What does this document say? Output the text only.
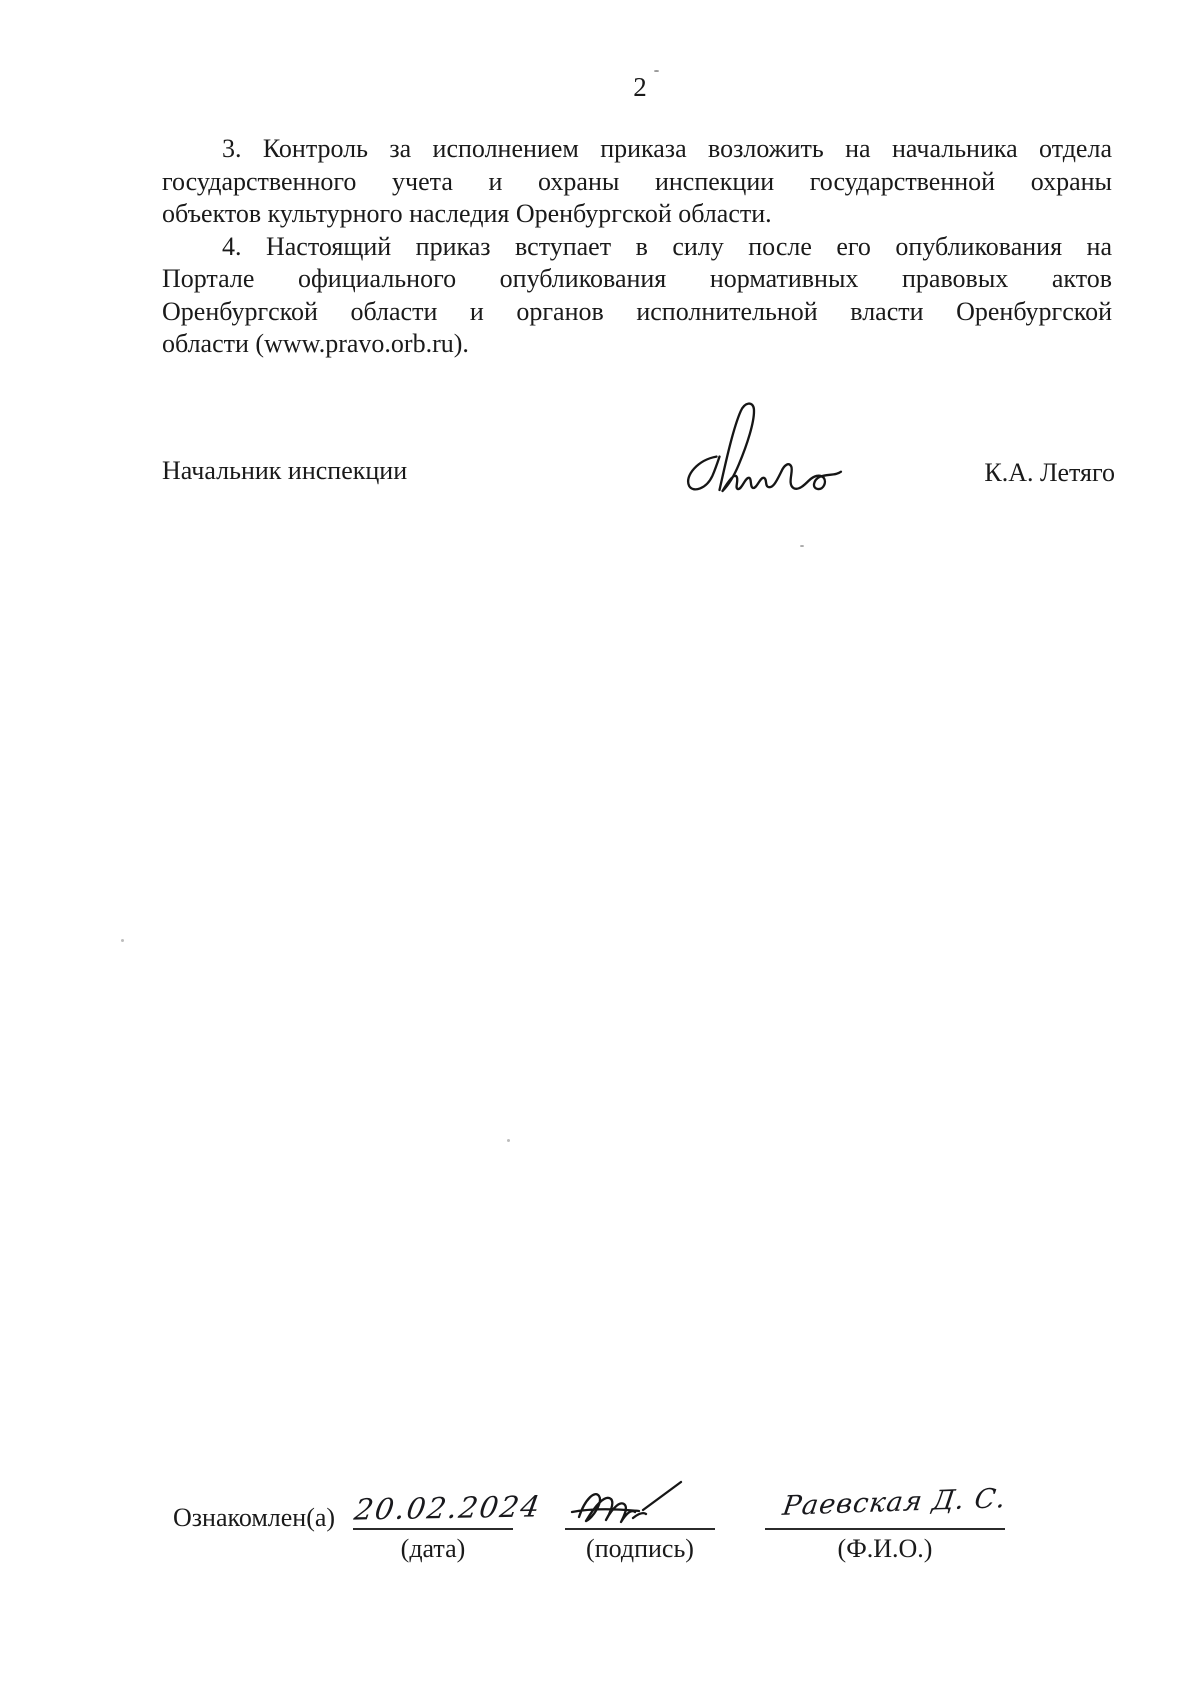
2
3. Контроль за исполнением приказа возложить на начальника отдела
государственного учета и охраны инспекции государственной охраны
объектов культурного наследия Оренбургской области.
4. Настоящий приказ вступает в силу после его опубликования на
Портале официального опубликования нормативных правовых актов
Оренбургской области и органов исполнительной власти Оренбургской
области (www.pravo.orb.ru).
Начальник инспекции	К.А. Летяго
Ознакомлен(а) 20.02.2024
(дата)	(подпись)
Раевская Д. С.
(Ф.И.О.)
